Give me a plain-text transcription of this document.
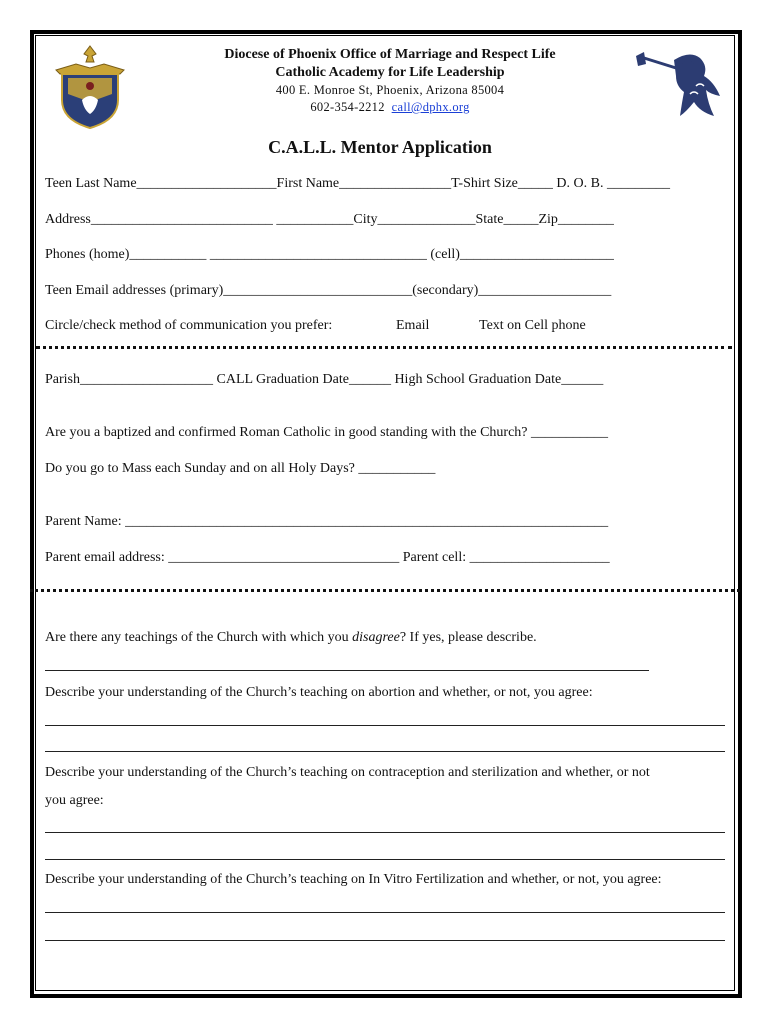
Diocese of Phoenix Office of Marriage and Respect Life
Catholic Academy for Life Leadership
400 E. Monroe St, Phoenix, Arizona 85004
602-354-2212 call@dphx.org
C.A.L.L. Mentor Application
Teen Last Name____________________First Name________________T-Shirt Size_____ D. O. B. _________
Address__________________________ ___________City______________State_____Zip________
Phones (home)___________ _______________________________ (cell)______________________
Teen Email addresses (primary)___________________________(secondary)___________________
Circle/check method of communication you prefer:	Email	Text on Cell phone
Parish___________________ CALL Graduation Date______ High School Graduation Date______
Are you a baptized and confirmed Roman Catholic in good standing with the Church? ___________
Do you go to Mass each Sunday and on all Holy Days? ___________
Parent Name: _____________________________________________________________________
Parent email address: _________________________________ Parent cell: ____________________
Are there any teachings of the Church with which you disagree? If yes, please describe.
Describe your understanding of the Church’s teaching on abortion and whether, or not, you agree:
Describe your understanding of the Church’s teaching on contraception and sterilization and whether, or not
you agree:
Describe your understanding of the Church’s teaching on In Vitro Fertilization and whether, or not, you agree:
